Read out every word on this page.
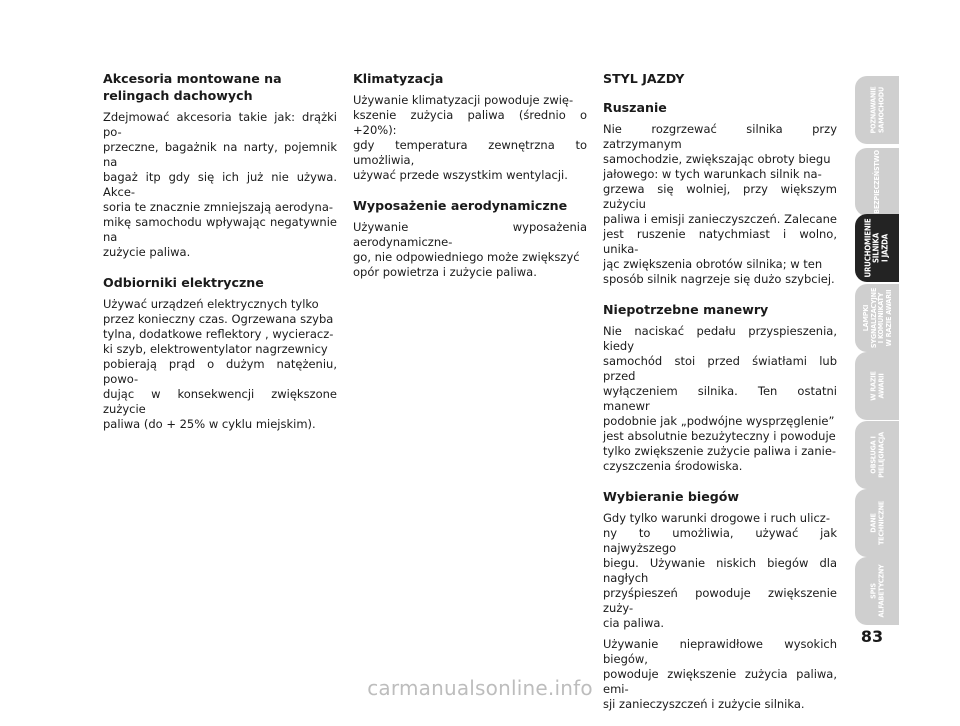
Akcesoria montowane na relingach dachowych
Zdejmować akcesoria takie jak: drążki po-
przeczne, bagażnik na narty, pojemnik na
bagaż itp gdy się ich już nie używa. Akce-
soria te znacznie zmniejszają aerodyna-
mikę samochodu wpływając negatywnie na
zużycie paliwa.
Odbiorniki elektryczne
Używać urządzeń elektrycznych tylko
przez konieczny czas. Ogrzewana szyba
tylna, dodatkowe reflektory , wycieracz-
ki szyb, elektrowentylator nagrzewnicy
pobierają prąd o dużym natężeniu, powo-
dując w konsekwencji zwiększone zużycie
paliwa (do + 25% w cyklu miejskim).
Klimatyzacja
Używanie klimatyzacji powoduje zwię-
kszenie zużycia paliwa (średnio o +20%):
gdy temperatura zewnętrzna to umożliwia,
używać przede wszystkim wentylacji.
Wyposażenie aerodynamiczne
Używanie wyposażenia aerodynamiczne-
go, nie odpowiedniego może zwiększyć
opór powietrza i zużycie paliwa.
STYL JAZDY
Ruszanie
Nie rozgrzewać silnika przy zatrzymanym
samochodzie, zwiększając obroty biegu
jałowego: w tych warunkach silnik na-
grzewa się wolniej, przy większym zużyciu
paliwa i emisji zanieczyszczeń. Zalecane
jest ruszenie natychmiast i wolno, unika-
jąc zwiększenia obrotów silnika; w ten
sposób silnik nagrzeje się dużo szybciej.
Niepotrzebne manewry
Nie naciskać pedału przyspieszenia, kiedy
samochód stoi przed światłami lub przed
wyłączeniem silnika. Ten ostatni manewr
podobnie jak „podwójne wysprzęglenie”
jest absolutnie bezużyteczny i powoduje
tylko zwiększenie zużycie paliwa i zanie-
czyszczenia środowiska.
Wybieranie biegów
Gdy tylko warunki drogowe i ruch ulicz-
ny to umożliwia, używać jak najwyższego
biegu. Używanie niskich biegów dla nagłych
przyśpieszeń powoduje zwiększenie zuży-
cia paliwa.
Używanie nieprawidłowe wysokich biegów,
powoduje zwiększenie zużycia paliwa, emi-
sji zanieczyszczeń i zużycie silnika.
POZNAWANIE
SAMOCHODU
BEZPIECZEŃSTWO
URUCHOMIENIE
SILNIKA
I JAZDA
LAMPKI
SYGNALIZACYJNE
I KOMUNIKATY
W RAZIE AWARII
W RAZIE
AWARII
OBSŁUGA I
PIELĘGNACJA
DANE
TECHNICZNE
SPIS
ALFABETYCZNY
83
carmanualsonline.info
